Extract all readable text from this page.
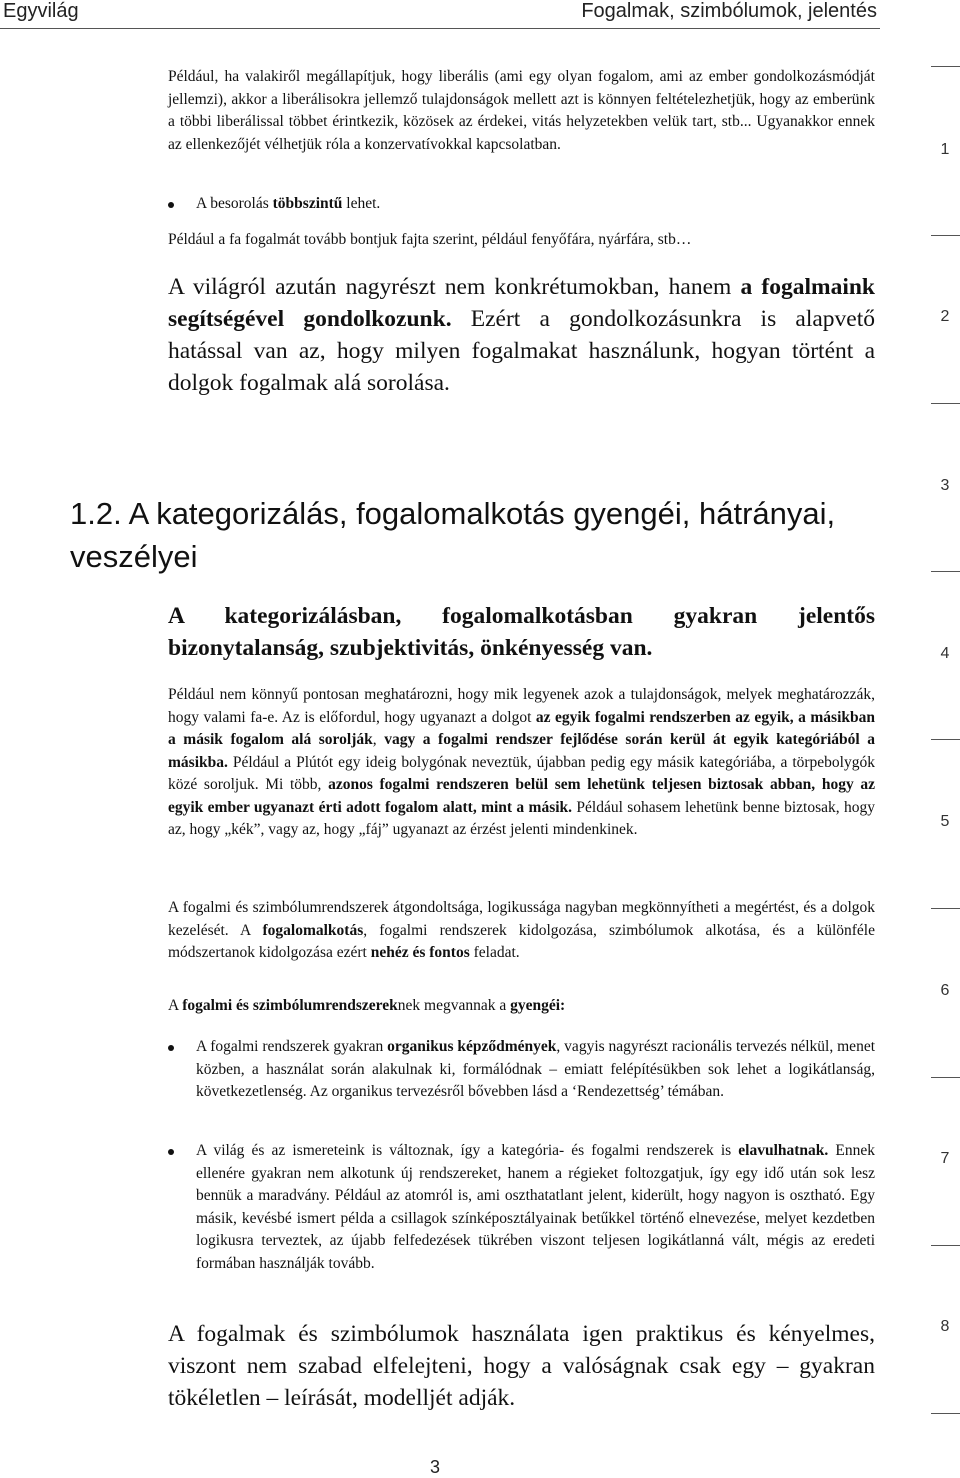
Egyvilág	Fogalmak, szimbólumok, jelentés

Például, ha valakiről megállapítjuk, hogy liberális (ami egy olyan fogalom, ami az ember gondolkozásmódját jellemzi), akkor a liberálisokra jellemző tulajdonságok mellett azt is könnyen feltételezhetjük, hogy az emberünk a többi liberálissal többet érintkezik, közösek az érdekei, vitás helyzetekben velük tart, stb... Ugyanakkor ennek az ellenkezőjét vélhetjük róla a konzervatívokkal kapcsolatban.

A besorolás többszintű lehet.

Például a fa fogalmát tovább bontjuk fajta szerint, például fenyőfára, nyárfára, stb…

A világról azután nagyrészt nem konkrétumokban, hanem a fogalmaink segítségével gondolkozunk. Ezért a gondolkozásunkra is alapvető hatással van az, hogy milyen fogalmakat használunk, hogyan történt a dolgok fogalmak alá sorolása.

1.2. A kategorizálás, fogalomalkotás gyengéi, hátrányai, veszélyei

A kategorizálásban, fogalomalkotásban gyakran jelentős bizonytalanság, szubjektivitás, önkényesség van.

Például nem könnyű pontosan meghatározni, hogy mik legyenek azok a tulajdonságok, melyek meghatározzák, hogy valami fa-e. Az is előfordul, hogy ugyanazt a dolgot az egyik fogalmi rendszerben az egyik, a másikban a másik fogalom alá sorolják, vagy a fogalmi rendszer fejlődése során kerül át egyik kategóriából a másikba. Például a Plútót egy ideig bolygónak neveztük, újabban pedig egy másik kategóriába, a törpebolygók közé soroljuk. Mi több, azonos fogalmi rendszeren belül sem lehetünk teljesen biztosak abban, hogy az egyik ember ugyanazt érti adott fogalom alatt, mint a másik. Például sohasem lehetünk benne biztosak, hogy az, hogy „kék”, vagy az, hogy „fáj” ugyanazt az érzést jelenti mindenkinek.

A fogalmi és szimbólumrendszerek átgondoltsága, logikussága nagyban megkönnyítheti a megértést, és a dolgok kezelését. A fogalomalkotás, fogalmi rendszerek kidolgozása, szimbólumok alkotása, és a különféle módszertanok kidolgozása ezért nehéz és fontos feladat.

A fogalmi és szimbólumrendszereknek megvannak a gyengéi:

A fogalmi rendszerek gyakran organikus képződmények, vagyis nagyrészt racionális tervezés nélkül, menet közben, a használat során alakulnak ki, formálódnak – emiatt felépítésükben sok lehet a logikátlanság, következetlenség. Az organikus tervezésről bővebben lásd a ‘Rendezettség’ témában.

A világ és az ismereteink is változnak, így a kategória- és fogalmi rendszerek is elavulhatnak. Ennek ellenére gyakran nem alkotunk új rendszereket, hanem a régieket foltozgatjuk, így egy idő után sok lesz bennük a maradvány. Például az atomról is, ami oszthatatlant jelent, kiderült, hogy nagyon is osztható. Egy másik, kevésbé ismert példa a csillagok színképosztályainak betűkkel történő elnevezése, melyet kezdetben logikusra terveztek, az újabb felfedezések tükrében viszont teljesen logikátlanná vált, mégis az eredeti formában használják tovább.

A fogalmak és szimbólumok használata igen praktikus és kényelmes, viszont nem szabad elfelejteni, hogy a valóságnak csak egy – gyakran tökéletlen – leírását, modelljét adják.

1
2
3
4
5
6
7
8
3
